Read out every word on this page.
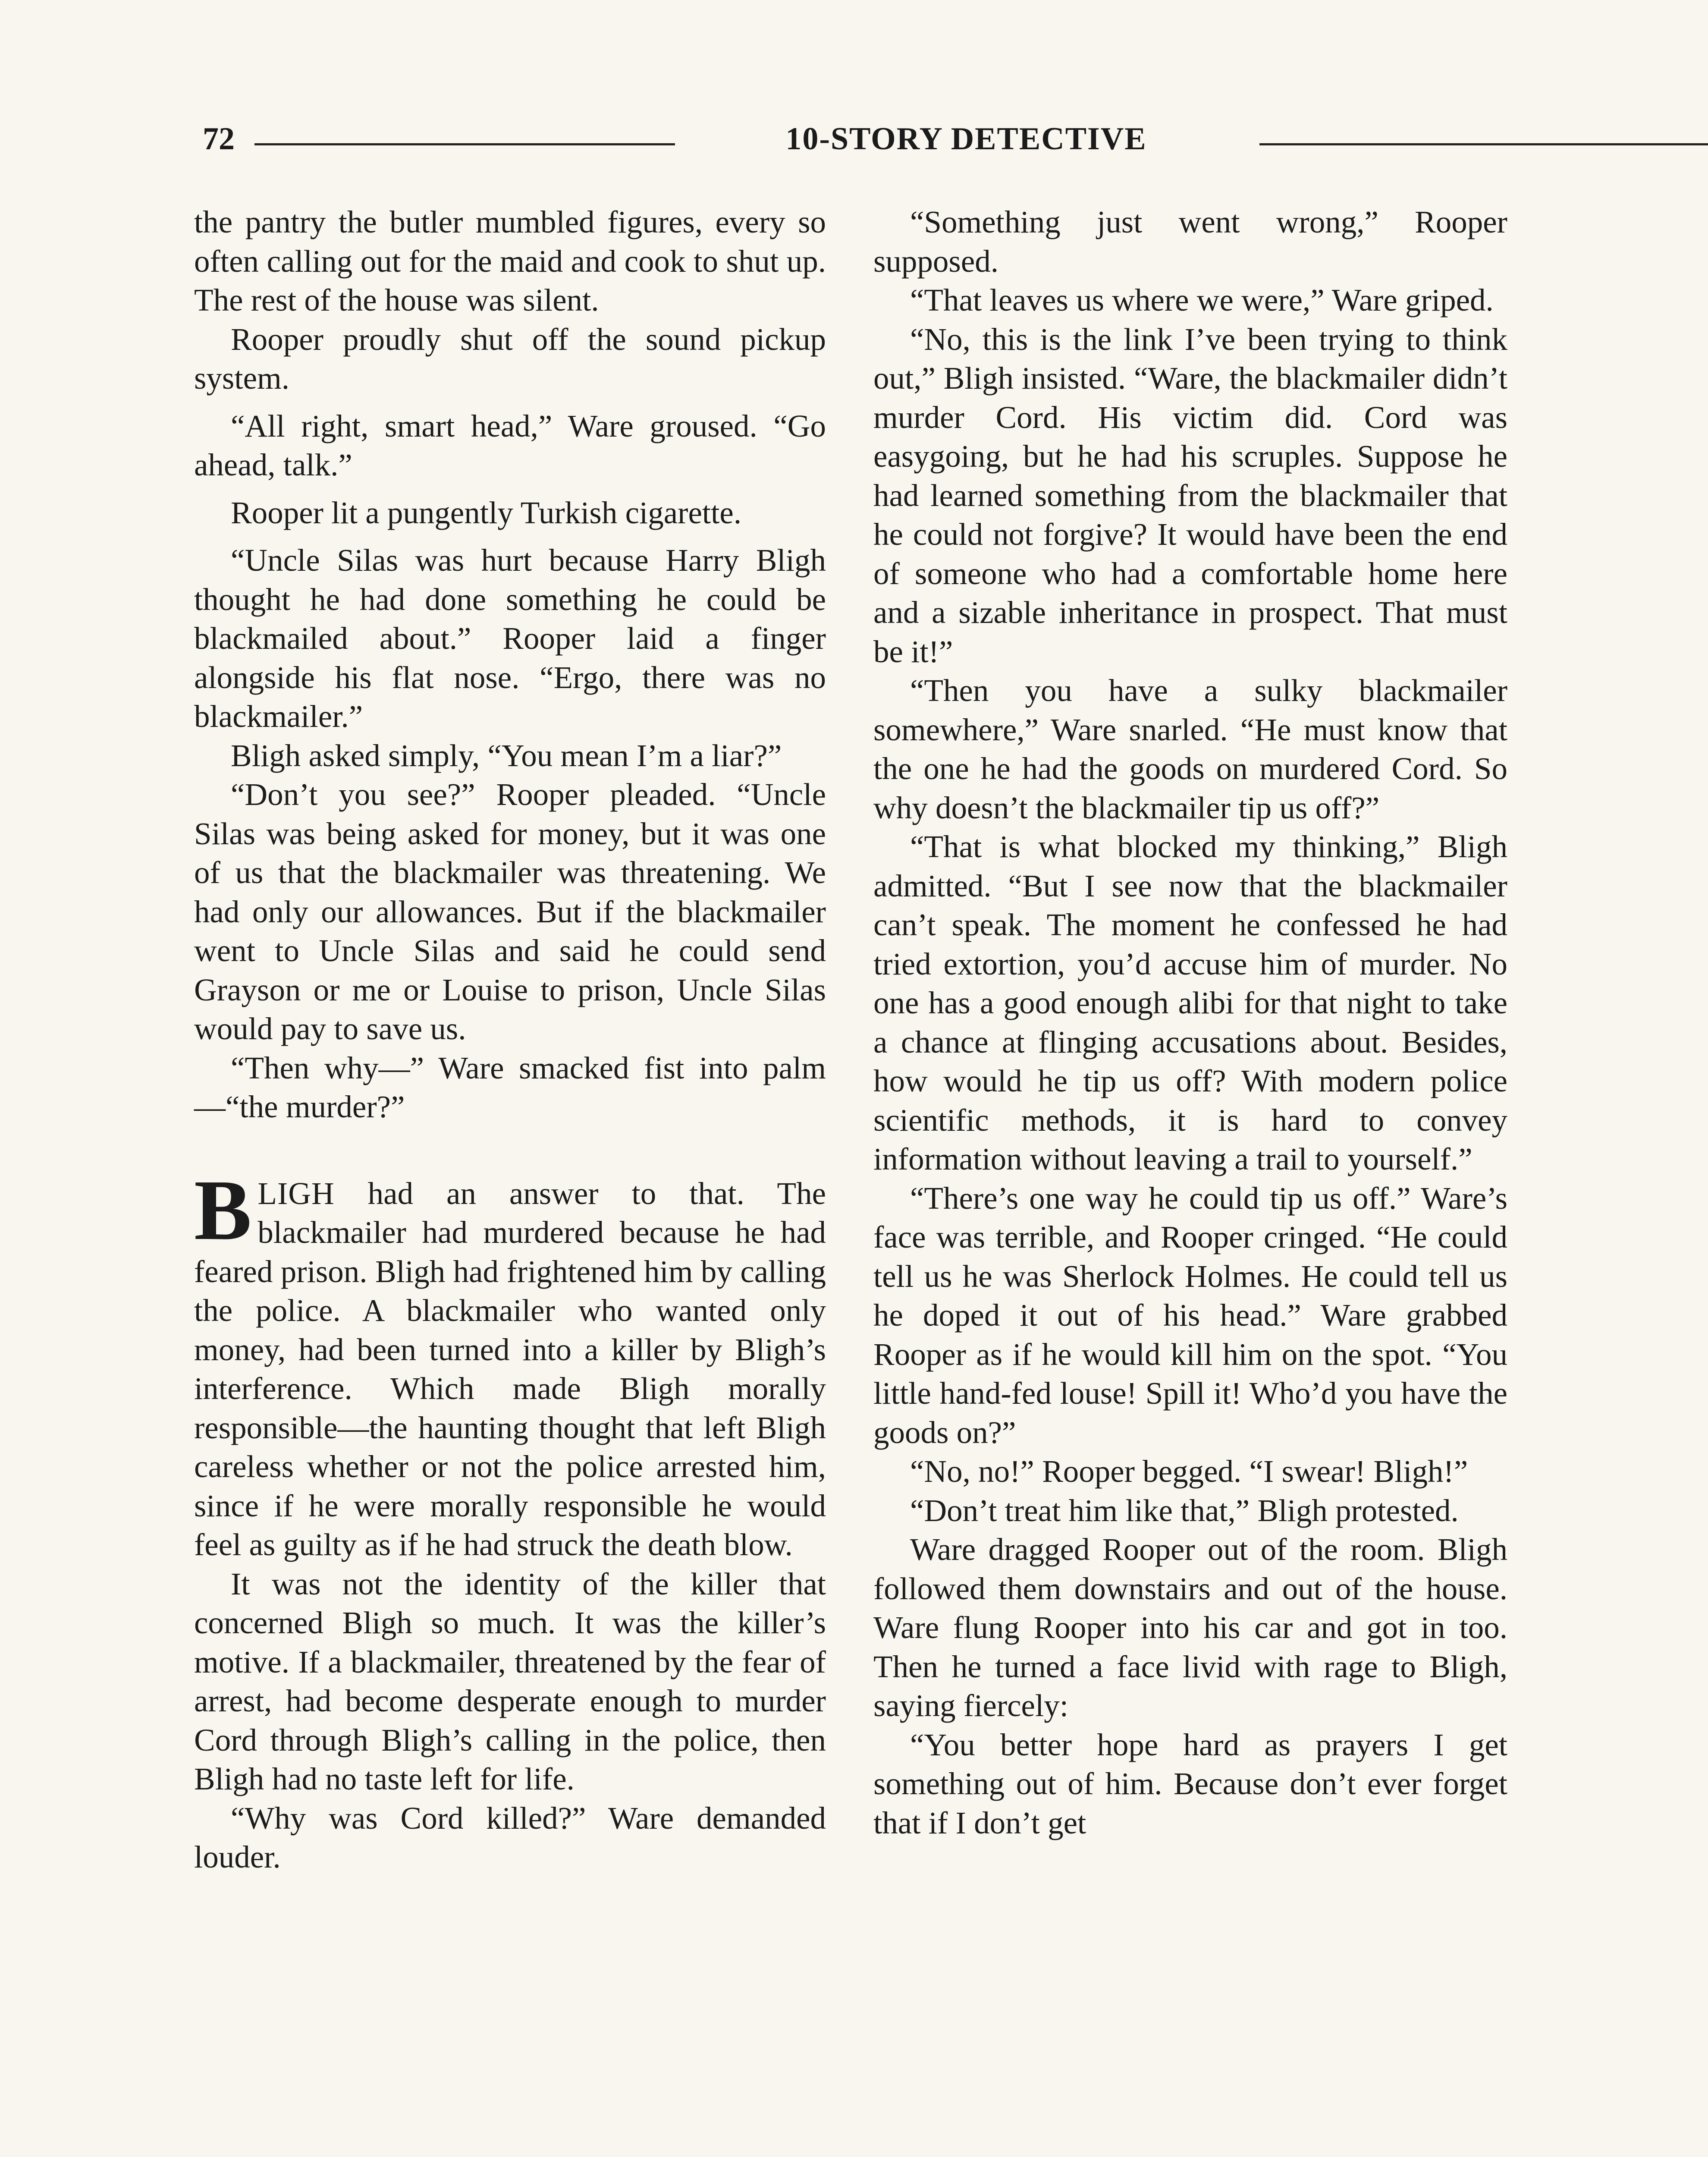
72	10-STORY DETECTIVE

the pantry the butler mumbled figures, every so often calling out for the maid and cook to shut up. The rest of the house was silent.

Rooper proudly shut off the sound pickup system.

“All right, smart head,” Ware groused. “Go ahead, talk.”

Rooper lit a pungently Turkish cigarette.

“Uncle Silas was hurt because Harry Bligh thought he had done something he could be blackmailed about.” Rooper laid a finger alongside his flat nose. “Ergo, there was no blackmailer.”

Bligh asked simply, “You mean I’m a liar?”

“Don’t you see?” Rooper pleaded. “Uncle Silas was being asked for money, but it was one of us that the blackmailer was threatening. We had only our allowances. But if the blackmailer went to Uncle Silas and said he could send Grayson or me or Louise to prison, Uncle Silas would pay to save us.

“Then why—” Ware smacked fist into palm—“the murder?”

BLIGH had an answer to that. The blackmailer had murdered because he had feared prison. Bligh had frightened him by calling the police. A blackmailer who wanted only money, had been turned into a killer by Bligh’s interference. Which made Bligh morally responsible—the haunting thought that left Bligh careless whether or not the police arrested him, since if he were morally responsible he would feel as guilty as if he had struck the death blow.

It was not the identity of the killer that concerned Bligh so much. It was the killer’s motive. If a blackmailer, threatened by the fear of arrest, had become desperate enough to murder Cord through Bligh’s calling in the police, then Bligh had no taste left for life.

“Why was Cord killed?” Ware demanded louder.

“Something just went wrong,” Rooper supposed.

“That leaves us where we were,” Ware griped.

“No, this is the link I’ve been trying to think out,” Bligh insisted. “Ware, the blackmailer didn’t murder Cord. His victim did. Cord was easygoing, but he had his scruples. Suppose he had learned something from the blackmailer that he could not forgive? It would have been the end of someone who had a comfortable home here and a sizable inheritance in prospect. That must be it!”

“Then you have a sulky blackmailer somewhere,” Ware snarled. “He must know that the one he had the goods on murdered Cord. So why doesn’t the blackmailer tip us off?”

“That is what blocked my thinking,” Bligh admitted. “But I see now that the blackmailer can’t speak. The moment he confessed he had tried extortion, you’d accuse him of murder. No one has a good enough alibi for that night to take a chance at flinging accusations about. Besides, how would he tip us off? With modern police scientific methods, it is hard to convey information without leaving a trail to yourself.”

“There’s one way he could tip us off.” Ware’s face was terrible, and Rooper cringed. “He could tell us he was Sherlock Holmes. He could tell us he doped it out of his head.” Ware grabbed Rooper as if he would kill him on the spot. “You little hand-fed louse! Spill it! Who’d you have the goods on?”

“No, no!” Rooper begged. “I swear! Bligh!”

“Don’t treat him like that,” Bligh protested.

Ware dragged Rooper out of the room. Bligh followed them downstairs and out of the house. Ware flung Rooper into his car and got in too. Then he turned a face livid with rage to Bligh, saying fiercely:

“You better hope hard as prayers I get something out of him. Because don’t ever forget that if I don’t get
